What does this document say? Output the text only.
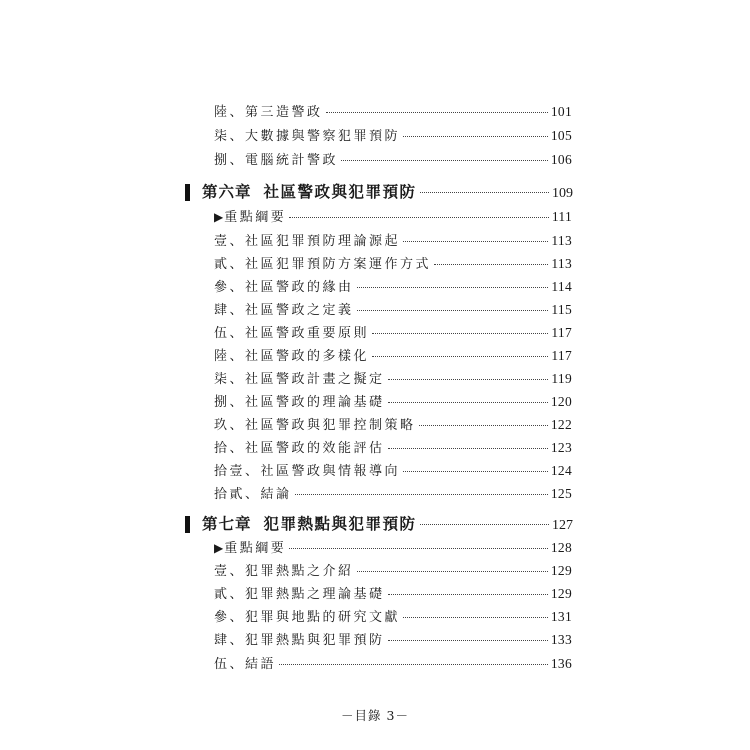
陸、第三造警政	101
柒、大數據與警察犯罪預防	105
捌、電腦統計警政	106
第六章 社區警政與犯罪預防	109
▶ 重點綱要	111
壹、社區犯罪預防理論源起	113
貳、社區犯罪預防方案運作方式	113
參、社區警政的緣由	114
肆、社區警政之定義	115
伍、社區警政重要原則	117
陸、社區警政的多樣化	117
柒、社區警政計畫之擬定	119
捌、社區警政的理論基礎	120
玖、社區警政與犯罪控制策略	122
拾、社區警政的效能評估	123
拾壹、社區警政與情報導向	124
拾貳、結論	125
第七章 犯罪熱點與犯罪預防	127
▶ 重點綱要	128
壹、犯罪熱點之介紹	129
貳、犯罪熱點之理論基礎	129
參、犯罪與地點的研究文獻	131
肆、犯罪熱點與犯罪預防	133
伍、結語	136
－目錄 3－
